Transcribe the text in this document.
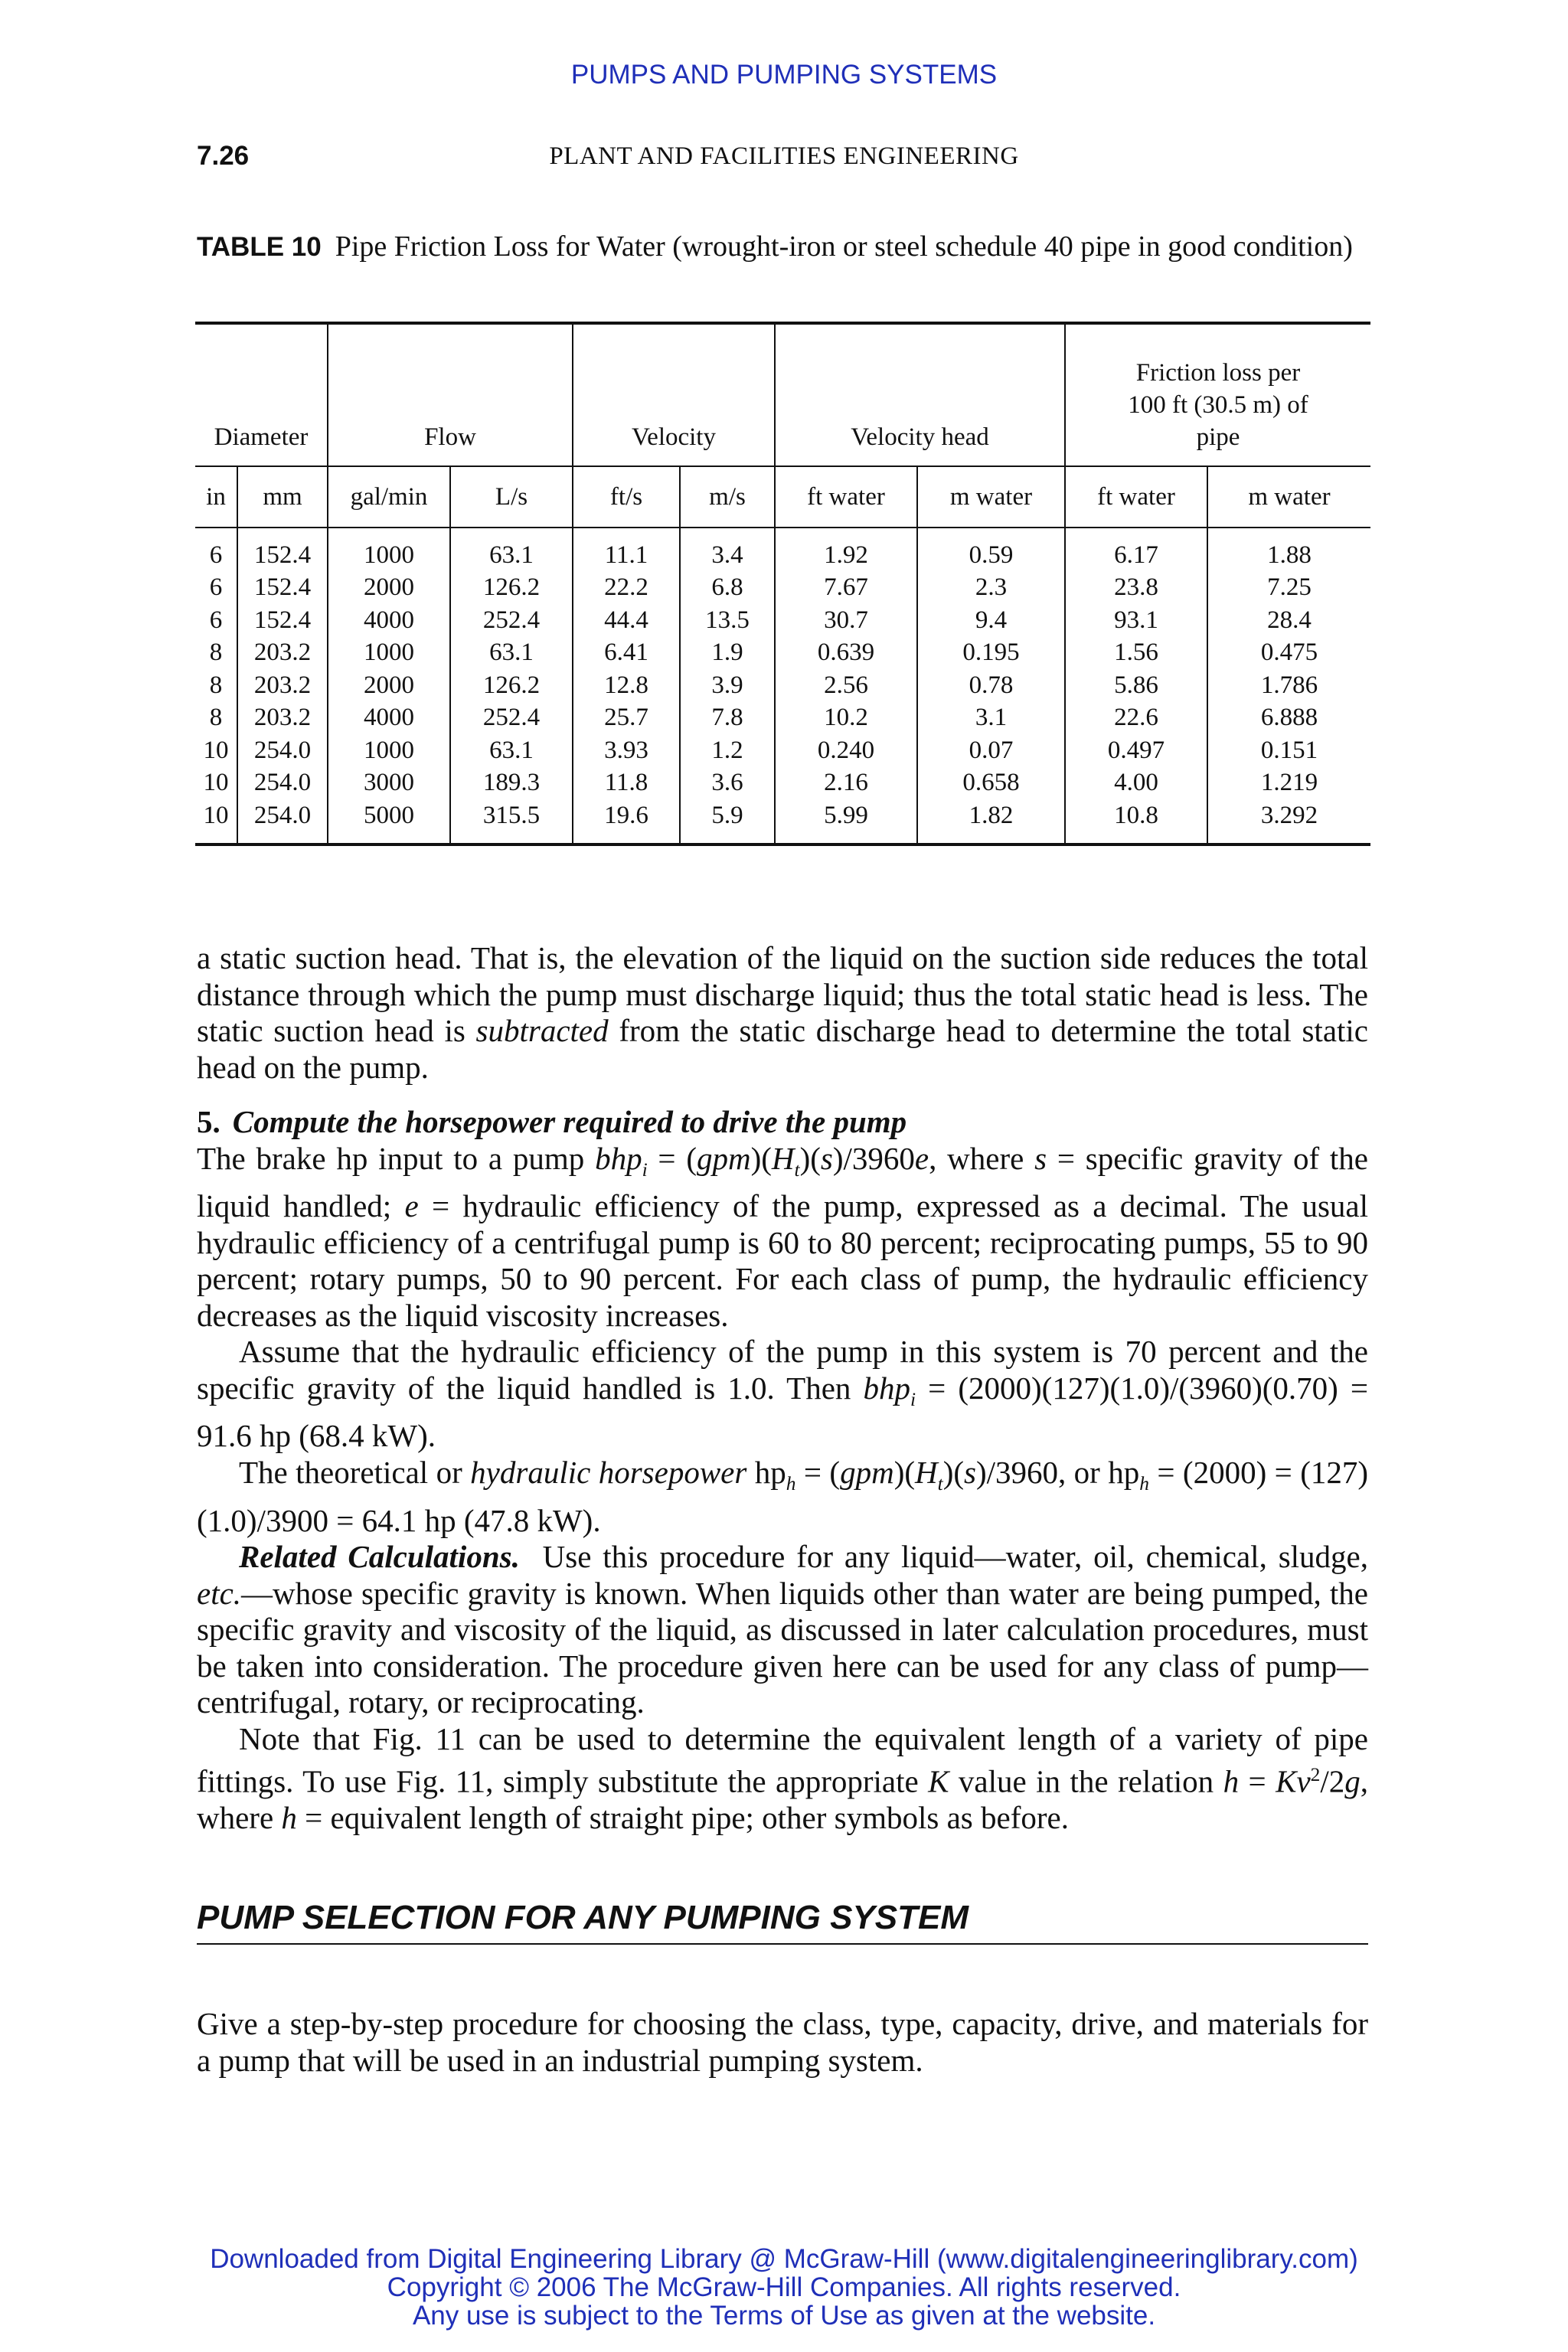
PUMPS AND PUMPING SYSTEMS
7.26	PLANT AND FACILITIES ENGINEERING
TABLE 10 Pipe Friction Loss for Water (wrought-iron or steel schedule 40 pipe in good condition)
Diameter		Flow		Velocity		Velocity head		Friction loss per
100 ft (30.5 m) of
pipe	

in	mm	gal/min	L/s	ft/s	m/s	ft water	m water	ft water	m water
6	152.4	1000	63.1	11.1	3.4	1.92	0.59	6.17	1.88
6	152.4	2000	126.2	22.2	6.8	7.67	2.3	23.8	7.25
6	152.4	4000	252.4	44.4	13.5	30.7	9.4	93.1	28.4
8	203.2	1000	63.1	6.41	1.9	0.639	0.195	1.56	0.475
8	203.2	2000	126.2	12.8	3.9	2.56	0.78	5.86	1.786
8	203.2	4000	252.4	25.7	7.8	10.2	3.1	22.6	6.888
10	254.0	1000	63.1	3.93	1.2	0.240	0.07	0.497	0.151
10	254.0	3000	189.3	11.8	3.6	2.16	0.658	4.00	1.219
10	254.0	5000	315.5	19.6	5.9	5.99	1.82	10.8	3.292

a static suction head. That is, the elevation of the liquid on the suction side reduces the total distance through which the pump must discharge liquid; thus the total static head is less. The static suction head is subtracted from the static discharge head to determine the total static head on the pump.

5. Compute the horsepower required to drive the pump

The brake hp input to a pump $bhp_i = (gpm)(H_t)(s)/3960e$, where s = specific gravity of the liquid handled; e = hydraulic efficiency of the pump, expressed as a decimal. The usual hydraulic efficiency of a centrifugal pump is 60 to 80 percent; reciprocating pumps, 55 to 90 percent; rotary pumps, 50 to 90 percent. For each class of pump, the hydraulic efficiency decreases as the liquid viscosity increases.

Assume that the hydraulic efficiency of the pump in this system is 70 percent and the specific gravity of the liquid handled is 1.0. Then bhp$_i$ = (2000)(127)(1.0)/(3960)(0.70) = 91.6 hp (68.4 kW).

The theoretical or hydraulic horsepower $hp_h = (gpm)(H_t)(s)/3960$, or $hp_h = (2000) = (127)(1.0)/3900 = 64.1$ hp (47.8 kW).

Related Calculations. Use this procedure for any liquid—water, oil, chemical, sludge, etc.—whose specific gravity is known. When liquids other than water are being pumped, the specific gravity and viscosity of the liquid, as discussed in later calculation procedures, must be taken into consideration. The procedure given here can be used for any class of pump—centrifugal, rotary, or reciprocating.

Note that Fig. 11 can be used to determine the equivalent length of a variety of pipe fittings. To use Fig. 11, simply substitute the appropriate K value in the relation $h = Kv^2/2g$, where h = equivalent length of straight pipe; other symbols as before.

PUMP SELECTION FOR ANY PUMPING SYSTEM

Give a step-by-step procedure for choosing the class, type, capacity, drive, and materials for a pump that will be used in an industrial pumping system.

Downloaded from Digital Engineering Library @ McGraw-Hill (www.digitalengineeringlibrary.com)
Copyright © 2006 The McGraw-Hill Companies. All rights reserved.
Any use is subject to the Terms of Use as given at the website.
